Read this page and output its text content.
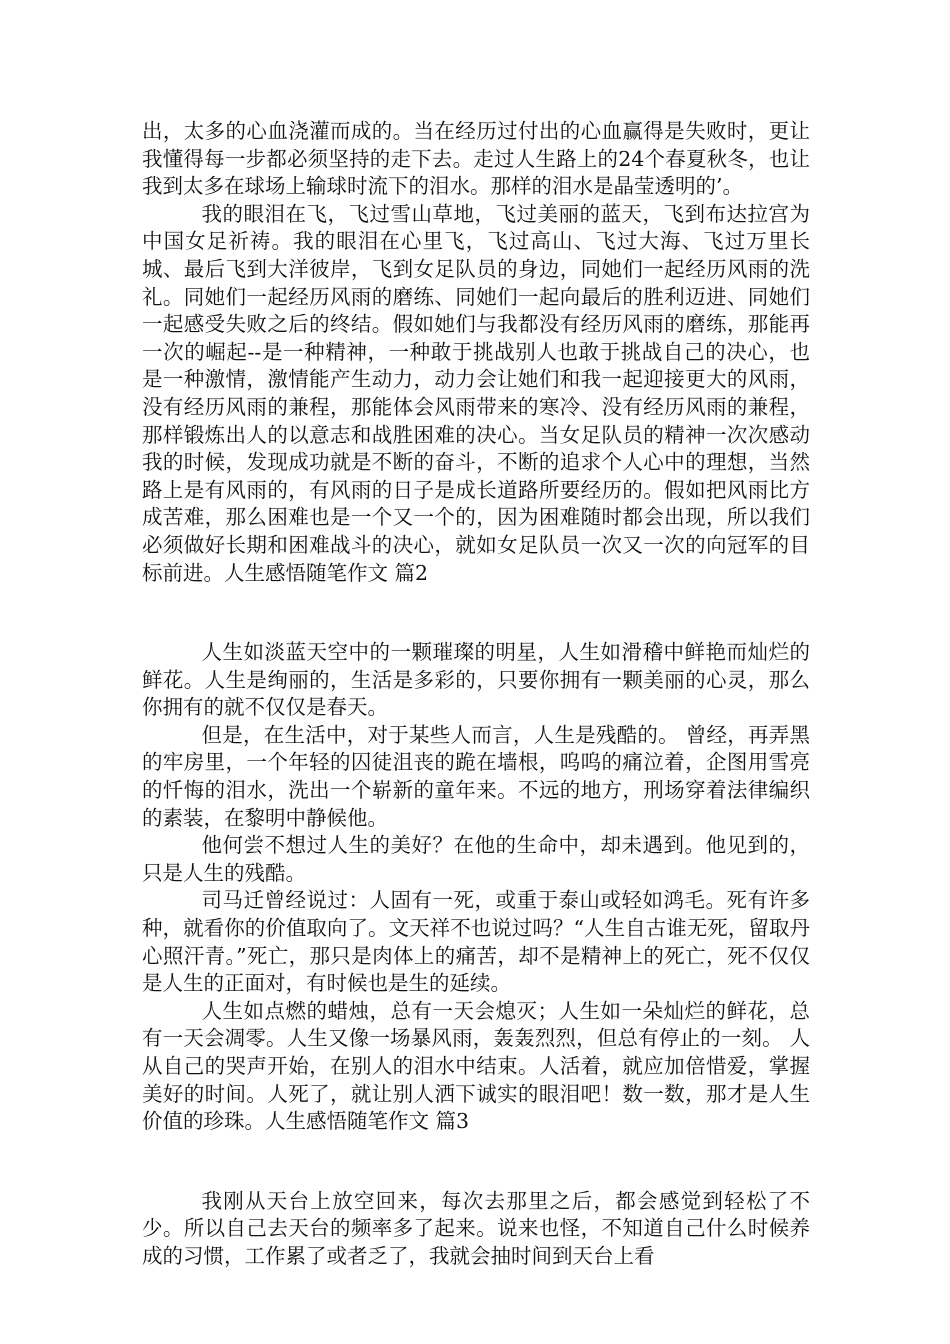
出，太多的心血浇灌而成的。当在经历过付出的心血赢得是失败时，更让我懂得每一步都必须坚持的走下去。走过人生路上的24个春夏秋冬，也让我到太多在球场上输球时流下的泪水。那样的泪水是晶莹透明的’。

我的眼泪在飞，飞过雪山草地，飞过美丽的蓝天，飞到布达拉宫为中国女足祈祷。我的眼泪在心里飞，飞过高山、飞过大海、飞过万里长城、最后飞到大洋彼岸，飞到女足队员的身边，同她们一起经历风雨的洗礼。同她们一起经历风雨的磨练、同她们一起向最后的胜利迈进、同她们一起感受失败之后的终结。假如她们与我都没有经历风雨的磨练，那能再一次的崛起--是一种精神，一种敢于挑战别人也敢于挑战自己的决心，也是一种激情，激情能产生动力，动力会让她们和我一起迎接更大的风雨，没有经历风雨的兼程，那能体会风雨带来的寒冷、没有经历风雨的兼程，那样锻炼出人的以意志和战胜困难的决心。当女足队员的精神一次次感动我的时候，发现成功就是不断的奋斗，不断的追求个人心中的理想，当然路上是有风雨的，有风雨的日子是成长道路所要经历的。假如把风雨比方成苦难，那么困难也是一个又一个的，因为困难随时都会出现，所以我们必须做好长期和困难战斗的决心，就如女足队员一次又一次的向冠军的目标前进。人生感悟随笔作文 篇2

人生如淡蓝天空中的一颗璀璨的明星，人生如滑稽中鲜艳而灿烂的鲜花。人生是绚丽的，生活是多彩的，只要你拥有一颗美丽的心灵，那么你拥有的就不仅仅是春天。

但是，在生活中，对于某些人而言，人生是残酷的。 曾经，再弄黑的牢房里，一个年轻的囚徒沮丧的跪在墙根，呜呜的痛泣着，企图用雪亮的忏悔的泪水，洗出一个崭新的童年来。不远的地方，刑场穿着法律编织的素装，在黎明中静候他。

他何尝不想过人生的美好？在他的生命中，却未遇到。他见到的，只是人生的残酷。

司马迁曾经说过：人固有一死，或重于泰山或轻如鸿毛。死有许多种，就看你的价值取向了。文天祥不也说过吗？“人生自古谁无死，留取丹心照汗青。”死亡，那只是肉体上的痛苦，却不是精神上的死亡，死不仅仅是人生的正面对，有时候也是生的延续。

人生如点燃的蜡烛，总有一天会熄灭；人生如一朵灿烂的鲜花，总有一天会凋零。人生又像一场暴风雨，轰轰烈烈，但总有停止的一刻。 人从自己的哭声开始，在别人的泪水中结束。人活着，就应加倍惜爱，掌握美好的时间。人死了，就让别人洒下诚实的眼泪吧！数一数，那才是人生价值的珍珠。人生感悟随笔作文 篇3

我刚从天台上放空回来，每次去那里之后，都会感觉到轻松了不少。所以自己去天台的频率多了起来。说来也怪，不知道自己什么时候养成的习惯，工作累了或者乏了，我就会抽时间到天台上看
